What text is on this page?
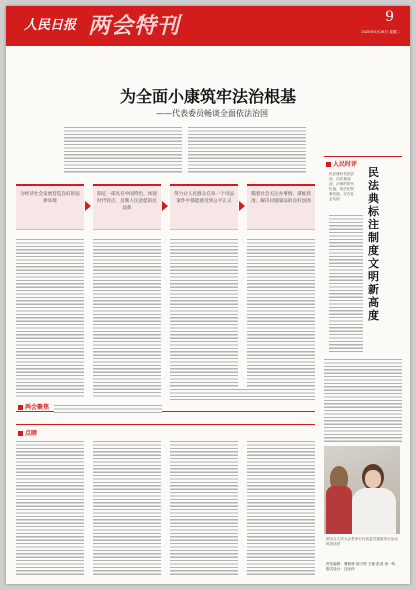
人民日报 两会特刊	9
2020年5月26日 星期二
为全面小康筑牢法治根基
——代表委员畅谈全面依法治国
为经济社会发展营造良好的法律环境
制定一部具有中国特色、体现时代特点、反映人民意愿的民法典
努力让人民群众在每一个司法案件中都能感受到公平正义
瞄着社会关注办事情、谋帐找准、解决问题靠法的良好氛围
两会聚焦
点睛
人民时评
民法典时代的法治，向法典而治，法律的时代价值，民法的民事价值，应在社会实现
民
法
典
标
注
制
度
文
明
新
高
度
图为在人民大会堂举行代表委员通道采访活动时的场景
责任编辑：曹树林 胡子婷 王理 彭清 刘一鸣 版式设计：沈亦伶
